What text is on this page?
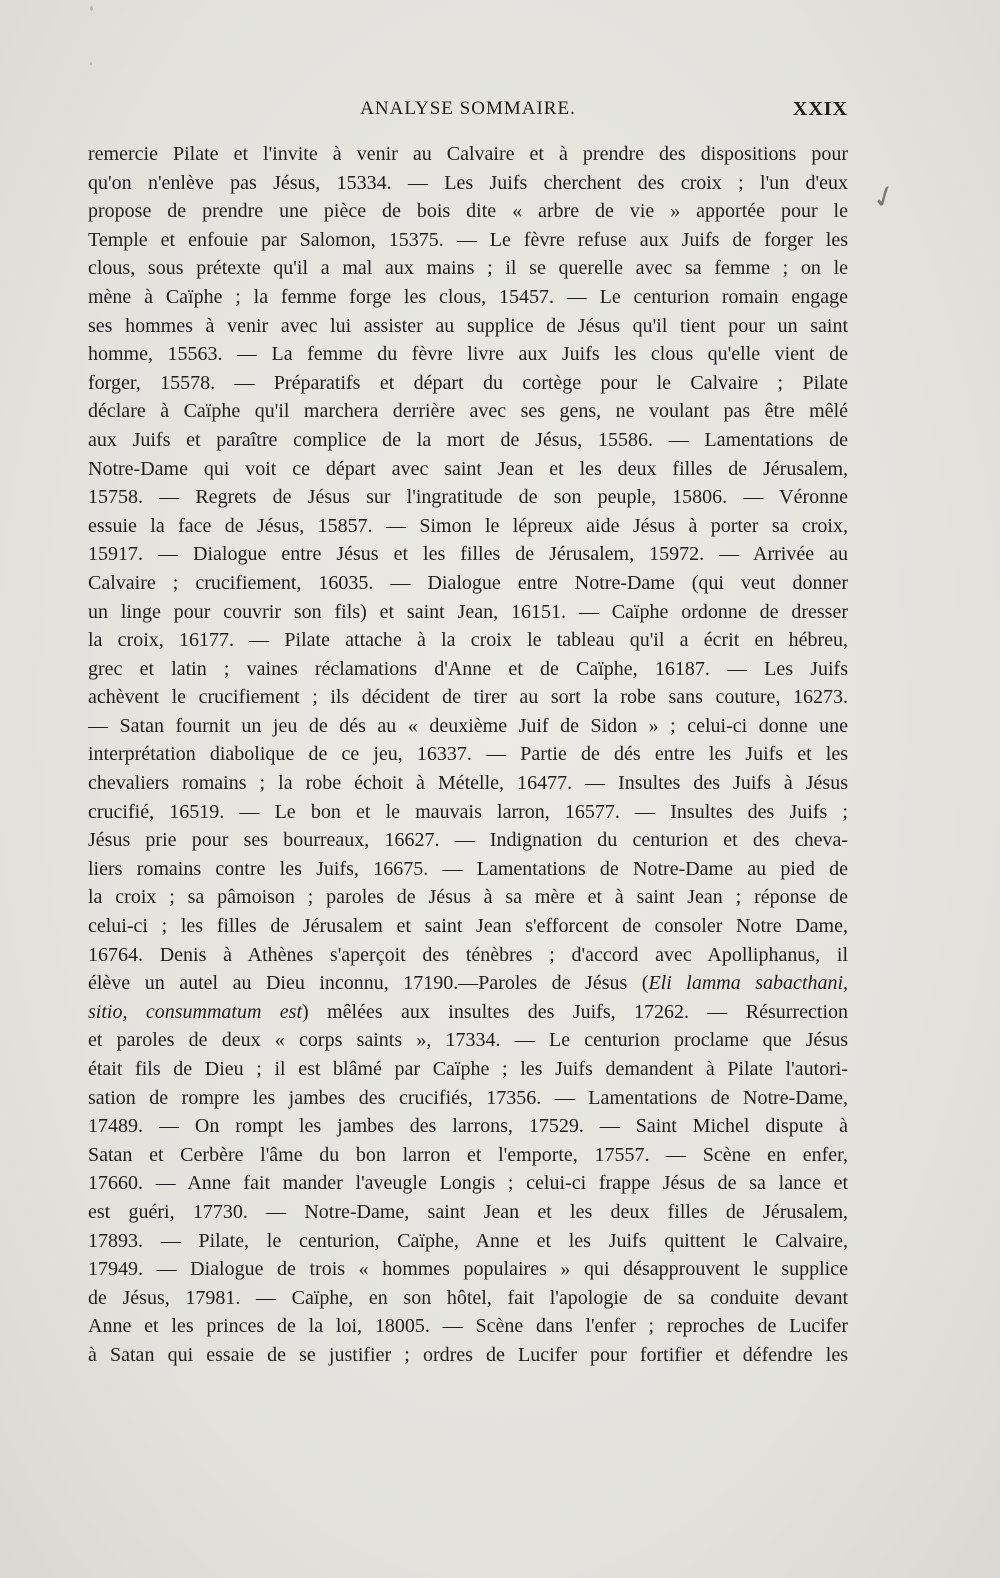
ANALYSE SOMMAIRE.	XXIX
✓
remercie Pilate et l'invite à venir au Calvaire et à prendre des dispositions pour
qu'on n'enlève pas Jésus, 15334. — Les Juifs cherchent des croix ; l'un d'eux
propose de prendre une pièce de bois dite « arbre de vie » apportée pour le
Temple et enfouie par Salomon, 15375. — Le fèvre refuse aux Juifs de forger les
clous, sous prétexte qu'il a mal aux mains ; il se querelle avec sa femme ; on le
mène à Caïphe ; la femme forge les clous, 15457. — Le centurion romain engage
ses hommes à venir avec lui assister au supplice de Jésus qu'il tient pour un saint
homme, 15563. — La femme du fèvre livre aux Juifs les clous qu'elle vient de
forger, 15578. — Préparatifs et départ du cortège pour le Calvaire ; Pilate
déclare à Caïphe qu'il marchera derrière avec ses gens, ne voulant pas être mêlé
aux Juifs et paraître complice de la mort de Jésus, 15586. — Lamentations de
Notre-Dame qui voit ce départ avec saint Jean et les deux filles de Jérusalem,
15758. — Regrets de Jésus sur l'ingratitude de son peuple, 15806. — Véronne
essuie la face de Jésus, 15857. — Simon le lépreux aide Jésus à porter sa croix,
15917. — Dialogue entre Jésus et les filles de Jérusalem, 15972. — Arrivée au
Calvaire ; crucifiement, 16035. — Dialogue entre Notre-Dame (qui veut donner
un linge pour couvrir son fils) et saint Jean, 16151. — Caïphe ordonne de dresser
la croix, 16177. — Pilate attache à la croix le tableau qu'il a écrit en hébreu,
grec et latin ; vaines réclamations d'Anne et de Caïphe, 16187. — Les Juifs
achèvent le crucifiement ; ils décident de tirer au sort la robe sans couture, 16273.
— Satan fournit un jeu de dés au « deuxième Juif de Sidon » ; celui-ci donne une
interprétation diabolique de ce jeu, 16337. — Partie de dés entre les Juifs et les
chevaliers romains ; la robe échoit à Mételle, 16477. — Insultes des Juifs à Jésus
crucifié, 16519. — Le bon et le mauvais larron, 16577. — Insultes des Juifs ;
Jésus prie pour ses bourreaux, 16627. — Indignation du centurion et des cheva-
liers romains contre les Juifs, 16675. — Lamentations de Notre-Dame au pied de
la croix ; sa pâmoison ; paroles de Jésus à sa mère et à saint Jean ; réponse de
celui-ci ; les filles de Jérusalem et saint Jean s'efforcent de consoler Notre Dame,
16764. Denis à Athènes s'aperçoit des ténèbres ; d'accord avec Apolliphanus, il
élève un autel au Dieu inconnu, 17190.—Paroles de Jésus (Eli lamma sabacthani,
sitio, consummatum est) mêlées aux insultes des Juifs, 17262. — Résurrection
et paroles de deux « corps saints », 17334. — Le centurion proclame que Jésus
était fils de Dieu ; il est blâmé par Caïphe ; les Juifs demandent à Pilate l'autori-
sation de rompre les jambes des crucifiés, 17356. — Lamentations de Notre-Dame,
17489. — On rompt les jambes des larrons, 17529. — Saint Michel dispute à
Satan et Cerbère l'âme du bon larron et l'emporte, 17557. — Scène en enfer,
17660. — Anne fait mander l'aveugle Longis ; celui-ci frappe Jésus de sa lance et
est guéri, 17730. — Notre-Dame, saint Jean et les deux filles de Jérusalem,
17893. — Pilate, le centurion, Caïphe, Anne et les Juifs quittent le Calvaire,
17949. — Dialogue de trois « hommes populaires » qui désapprouvent le supplice
de Jésus, 17981. — Caïphe, en son hôtel, fait l'apologie de sa conduite devant
Anne et les princes de la loi, 18005. — Scène dans l'enfer ; reproches de Lucifer
à Satan qui essaie de se justifier ; ordres de Lucifer pour fortifier et défendre les
